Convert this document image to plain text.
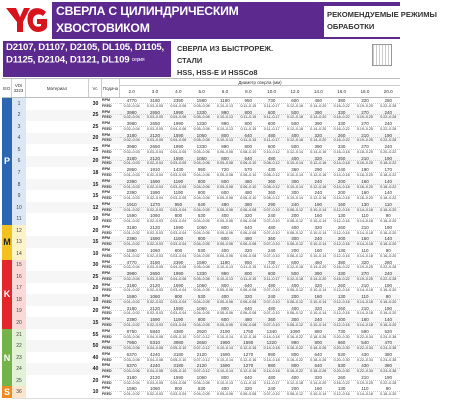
СВЕРЛА С ЦИЛИНДРИЧЕСКИМ
ХВОСТОВИКОМ
РЕКОМЕНДУЕМЫЕ РЕЖИМЫ ОБРАБОТКИ
D2107, D1107, D2105, DL105, D1105,
D1125, D2104, D1121, DL109 серия
СВЕРЛА ИЗ БЫСТРОРЕЖ. СТАЛИ
HSS, HSS-E И HSSCo8
ISO	VDI 3323	Материал	Vc	Подача
Диаметр сверла (мм)
2.0	3.0	4.0	5.0	6.0	8.0	10.0	12.0	14.0	16.0	18.0	20.0
P
1	30
RPM
FEED
4770	3180	2390	1590	1190	950	730	600	460	380	320	280
0.02–0.04	0.03–0.05	0.04–0.06	0.05–0.08	0.10–0.13	0.11–0.15	0.11–0.17	0.12–0.18	0.14–0.20	0.16–0.22	0.19–0.25	0.22–0.28
2	25
RPM
FEED
3980	2650	1990	1330	990	800	600	500	390	330	270	240
0.02–0.04	0.03–0.05	0.04–0.06	0.05–0.08	0.10–0.13	0.11–0.15	0.11–0.17	0.12–0.18	0.14–0.20	0.16–0.22	0.19–0.25	0.22–0.28
3	25
RPM
FEED
3980	2650	1990	1330	990	800	600	500	390	330	270	240
0.02–0.04	0.03–0.05	0.04–0.06	0.05–0.08	0.10–0.13	0.11–0.15	0.11–0.17	0.12–0.18	0.14–0.20	0.16–0.22	0.19–0.25	0.22–0.28
4	20
RPM
FEED
3180	2120	1590	1060	800	640	480	400	320	260	210	190
0.02–0.04	0.03–0.05	0.04–0.06	0.05–0.08	0.10–0.13	0.11–0.15	0.11–0.17	0.12–0.18	0.14–0.20	0.16–0.22	0.19–0.25	0.22–0.28
5	25
RPM
FEED
3980	2650	1990	1330	990	800	600	500	390	330	270	240
0.02–0.03	0.03–0.04	0.04–0.05	0.05–0.06	0.06–0.08	0.08–0.10	0.10–0.12	0.12–0.14	0.14–0.16	0.16–0.18	0.18–0.20	0.20–0.22
6	20
RPM
FEED
3180	2120	1590	1060	800	640	480	400	320	260	210	190
0.01–0.03	0.02–0.04	0.03–0.05	0.04–0.06	0.05–0.08	0.06–0.10	0.08–0.12	0.10–0.14	0.12–0.16	0.14–0.18	0.16–0.20	0.18–0.22
7	18
RPM
FEED
2860	1910	1430	950	720	570	430	360	290	240	190	170
0.01–0.03	0.02–0.04	0.03–0.05	0.04–0.06	0.05–0.08	0.06–0.10	0.08–0.12	0.10–0.14	0.12–0.16	0.14–0.18	0.16–0.20	0.18–0.22
8	15
RPM
FEED
2390	1590	1190	800	600	480	360	300	240	200	160	140
0.01–0.03	0.02–0.04	0.03–0.05	0.04–0.06	0.05–0.08	0.06–0.10	0.08–0.12	0.10–0.14	0.12–0.16	0.14–0.18	0.16–0.20	0.18–0.22
9	15
RPM
FEED
2390	1590	1190	800	600	480	360	300	240	200	160	140
0.01–0.03	0.02–0.04	0.03–0.05	0.04–0.06	0.05–0.08	0.06–0.10	0.08–0.12	0.10–0.14	0.12–0.16	0.14–0.18	0.16–0.20	0.18–0.22
10	12
RPM
FEED
1910	1270	950	640	480	380	290	240	190	160	130	110
0.01–0.02	0.02–0.03	0.03–0.04	0.04–0.05	0.05–0.06	0.06–0.08	0.07–0.10	0.08–0.12	0.10–0.14	0.12–0.16	0.14–0.18	0.16–0.20
11	10
RPM
FEED
1590	1060	800	530	400	320	240	200	160	130	110	90
0.01–0.02	0.02–0.03	0.03–0.04	0.04–0.05	0.05–0.06	0.06–0.08	0.07–0.10	0.08–0.12	0.10–0.14	0.12–0.16	0.14–0.18	0.16–0.20
M
12	20
RPM
FEED
3180	2120	1590	1060	800	640	480	400	320	260	210	190
0.01–0.02	0.02–0.03	0.03–0.04	0.04–0.05	0.05–0.06	0.06–0.08	0.07–0.10	0.08–0.12	0.10–0.14	0.12–0.16	0.14–0.18	0.16–0.20
13	15
RPM
FEED
2390	1590	1190	800	600	480	360	300	240	200	160	140
0.01–0.02	0.02–0.03	0.03–0.04	0.04–0.05	0.05–0.06	0.06–0.08	0.07–0.10	0.08–0.12	0.10–0.14	0.12–0.16	0.14–0.18	0.16–0.20
14	10
RPM
FEED
1590	1060	800	530	400	320	240	200	160	130	110	90
0.01–0.02	0.02–0.03	0.03–0.04	0.04–0.05	0.05–0.06	0.06–0.08	0.07–0.10	0.08–0.12	0.10–0.14	0.12–0.16	0.14–0.18	0.16–0.20
K
15	30
RPM
FEED
4770	3180	2390	1590	1190	950	730	600	460	380	320	280
0.02–0.04	0.03–0.05	0.04–0.06	0.05–0.08	0.10–0.13	0.11–0.15	0.11–0.17	0.12–0.18	0.14–0.20	0.16–0.22	0.19–0.25	0.22–0.28
16	25
RPM
FEED
3980	2650	1990	1330	990	800	600	500	390	330	270	240
0.02–0.04	0.03–0.05	0.04–0.06	0.05–0.08	0.10–0.13	0.11–0.15	0.11–0.17	0.12–0.18	0.14–0.20	0.16–0.22	0.19–0.25	0.22–0.28
17	20
RPM
FEED
3180	2120	1590	1060	800	640	480	400	320	260	210	190
0.01–0.02	0.02–0.03	0.03–0.04	0.04–0.05	0.05–0.06	0.06–0.08	0.07–0.10	0.08–0.12	0.10–0.14	0.12–0.16	0.14–0.18	0.16–0.20
18	10
RPM
FEED
1590	1060	800	530	400	320	240	200	160	130	110	90
0.01–0.02	0.02–0.03	0.03–0.04	0.04–0.05	0.05–0.06	0.06–0.08	0.07–0.10	0.08–0.12	0.10–0.14	0.12–0.16	0.14–0.18	0.16–0.20
19	20
RPM
FEED
3180	2120	1590	1060	800	640	480	400	320	260	210	190
0.01–0.02	0.02–0.03	0.03–0.04	0.04–0.05	0.05–0.06	0.06–0.08	0.07–0.10	0.08–0.12	0.10–0.14	0.12–0.16	0.14–0.18	0.16–0.20
20	15
RPM
FEED
2390	1590	1190	800	600	480	360	300	240	200	160	140
0.01–0.02	0.02–0.03	0.03–0.04	0.04–0.05	0.05–0.06	0.06–0.08	0.07–0.10	0.08–0.12	0.10–0.14	0.12–0.16	0.14–0.18	0.16–0.20
N
21	55
RPM
FEED
8750	5840	4380	2920	2190	1750	1340	1090	880	730	590	520
0.03–0.06	0.04–0.08	0.05–0.10	0.07–0.12	0.10–0.14	0.12–0.16	0.14–0.18	0.16–0.22	0.18–0.26	0.20–0.30	0.22–0.34	0.24–0.38
22	50
RPM
FEED
7960	5310	3980	2650	1990	1590	1220	990	800	660	540	470
0.03–0.06	0.04–0.08	0.05–0.10	0.07–0.12	0.10–0.14	0.12–0.16	0.14–0.18	0.16–0.22	0.18–0.26	0.20–0.30	0.22–0.34	0.24–0.38
23	40
RPM
FEED
6370	4240	3180	2120	1590	1270	980	800	640	530	430	380
0.03–0.06	0.04–0.08	0.05–0.10	0.07–0.12	0.10–0.14	0.12–0.16	0.14–0.18	0.16–0.22	0.18–0.26	0.20–0.30	0.22–0.34	0.24–0.38
24	40
RPM
FEED
6370	4240	3180	2120	1590	1270	980	800	640	530	430	380
0.03–0.06	0.04–0.08	0.05–0.10	0.07–0.12	0.10–0.14	0.12–0.16	0.14–0.18	0.16–0.22	0.18–0.26	0.20–0.30	0.22–0.34	0.24–0.38
25	20
RPM
FEED
3180	2120	1590	1060	800	640	480	400	320	260	210	190
0.02–0.04	0.03–0.05	0.04–0.06	0.05–0.08	0.10–0.13	0.11–0.15	0.11–0.17	0.12–0.18	0.14–0.20	0.16–0.22	0.19–0.25	0.22–0.28
S	36	10
RPM
FEED
1590	1060	800	530	400	320	240	200	160	130	110	90
0.01–0.02	0.02–0.03	0.03–0.04	0.04–0.05	0.05–0.06	0.06–0.08	0.07–0.10	0.08–0.12	0.10–0.14	0.12–0.16	0.14–0.18	0.16–0.20
